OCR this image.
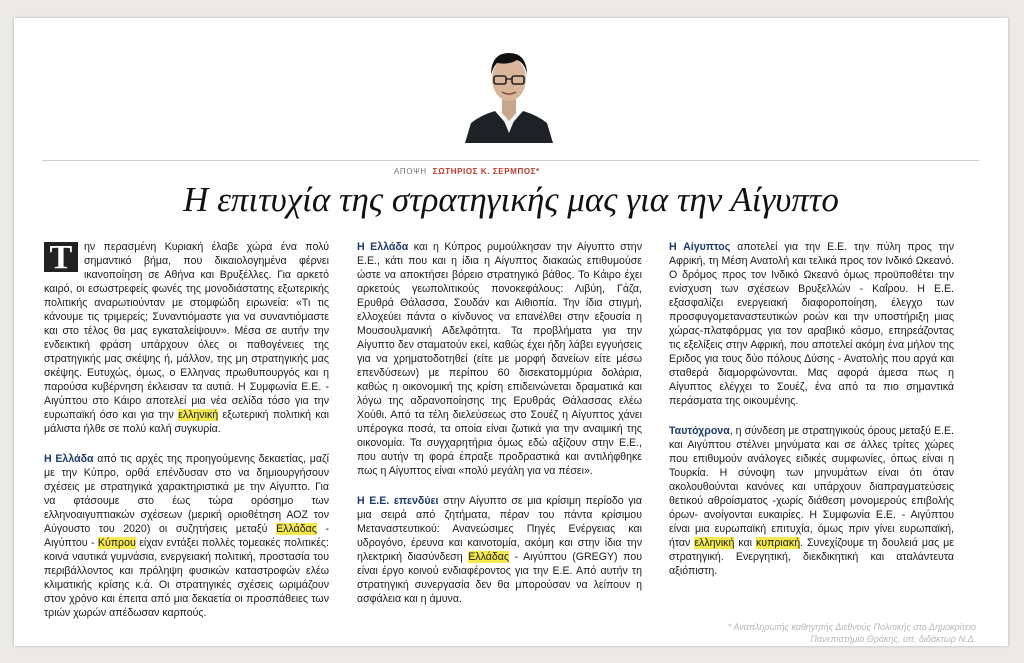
ΑΠΟΨΗ ΣΩΤΗΡΙΟΣ Κ. ΣΕΡΜΠΟΣ*
Η επιτυχία της στρατηγικής μας για την Αίγυπτο

Τ	ην περασμένη Κυριακή έλαβε χώρα ένα πολύ σημαντικό βήμα, που δικαιολογημένα φέρνει ικανοποίηση σε Αθήνα και Βρυξέλλες. Για αρκετό καιρό, οι εσωστρεφείς φωνές της μονοδιάστατης εξωτερικής πολιτικής αναρωτιούνταν με στομφώδη ειρωνεία: «Τι τις κάνουμε τις τριμερείς; Συναντιόμαστε για να συναντιόμαστε και στο τέλος θα μας εγκαταλείψουν». Μέσα σε αυτήν την ενδεικτική φράση υπάρχουν όλες οι παθογένειες της στρατηγικής μας σκέψης ή, μάλλον, της μη στρατηγικής μας σκέψης. Ευτυχώς, όμως, ο Ελληνας πρωθυπουργός και η παρούσα κυβέρνηση έκλεισαν τα αυτιά. Η Συμφωνία Ε.Ε. - Αιγύπτου στο Κάιρο αποτελεί μια νέα σελίδα τόσο για την ευρωπαϊκή όσο και για την ελληνική εξωτερική πολιτική και μάλιστα ήλθε σε πολύ καλή συγκυρία.

Η Ελλάδα από τις αρχές της προηγούμενης δεκαετίας, μαζί με την Κύπρο, ορθά επένδυσαν στο να δημιουργήσουν σχέσεις με στρατηγικά χαρακτηριστικά με την Αίγυπτο. Για να φτάσουμε στο έως τώρα ορόσημο των ελληνοαιγυπτιακών σχέσεων (μερική οριοθέτηση ΑΟΖ τον Αύγουστο του 2020) οι συζητήσεις μεταξύ Ελλάδας - Αιγύπτου - Κύπρου είχαν εντάξει πολλές τομεακές πολιτικές: κοινά ναυτικά γυμνάσια, ενεργειακή πολιτική, προστασία του περιβάλλοντος και πρόληψη φυσικών καταστροφών ελέω κλιματικής κρίσης κ.ά. Οι στρατηγικές σχέσεις ωριμάζουν στον χρόνο και έπειτα από μια δεκαετία οι προσπάθειες των τριών χωρών απέδωσαν καρπούς.

Η Ελλάδα και η Κύπρος ρυμούλκησαν την Αίγυπτο στην Ε.Ε., κάτι που και η ίδια η Αίγυπτος διακαώς επιθυμούσε ώστε να αποκτήσει βόρειο στρατηγικό βάθος. Το Κάιρο έχει αρκετούς γεωπολιτικούς πονοκεφάλους: Λιβύη, Γάζα, Ερυθρά Θάλασσα, Σουδάν και Αιθιοπία. Την ίδια στιγμή, ελλοχεύει πάντα ο κίνδυνος να επανέλθει στην εξουσία η Μουσουλμανική Αδελφότητα. Τα προβλήματα για την Αίγυπτο δεν σταματούν εκεί, καθώς έχει ήδη λάβει εγγυήσεις για να χρηματοδοτηθεί (είτε με μορφή δανείων είτε μέσω επενδύσεων) με περίπου 60 δισεκατομμύρια δολάρια, καθώς η οικονομική της κρίση επιδεινώνεται δραματικά και λόγω της αδρανοποίησης της Ερυθράς Θάλασσας ελέω Χούθι. Από τα τέλη διελεύσεως στο Σουέζ η Αίγυπτος χάνει υπέρογκα ποσά, τα οποία είναι ζωτικά για την αναιμική της οικονομία. Τα συγχαρητήρια όμως εδώ αξίζουν στην Ε.Ε., που αυτήν τη φορά έπραξε προδραστικά και αντιλήφθηκε πως η Αίγυπτος είναι «πολύ μεγάλη για να πέσει».

Η Ε.Ε. επενδύει στην Αίγυπτο σε μια κρίσιμη περίοδο για μια σειρά από ζητήματα, πέραν του πάντα κρίσιμου Μεταναστευτικού: Ανανεώσιμες Πηγές Ενέργειας και υδρογόνο, έρευνα και καινοτομία, ακόμη και στην ίδια την ηλεκτρική διασύνδεση Ελλάδας - Αιγύπτου (GREGY) που είναι έργο κοινού ενδιαφέροντος για την Ε.Ε. Από αυτήν τη στρατηγική συνεργασία δεν θα μπορούσαν να λείπουν η ασφάλεια και η άμυνα.

Η Αίγυπτος αποτελεί για την Ε.Ε. την πύλη προς την Αφρική, τη Μέση Ανατολή και τελικά προς τον Ινδικό Ωκεανό. Ο δρόμος προς τον Ινδικό Ωκεανό όμως προϋποθέτει την ενίσχυση των σχέσεων Βρυξελλών - Καΐρου. Η Ε.Ε. εξασφαλίζει ενεργειακή διαφοροποίηση, έλεγχο των προσφυγομεταναστευτικών ροών και την υποστήριξη μιας χώρας-πλατφόρμας για τον αραβικό κόσμο, επηρεάζοντας τις εξελίξεις στην Αφρική, που αποτελεί ακόμη ένα μήλον της Εριδος για τους δύο πόλους Δύσης - Ανατολής που αργά και σταθερά διαμορφώνονται. Μας αφορά άμεσα πως η Αίγυπτος ελέγχει το Σουέζ, ένα από τα πιο σημαντικά περάσματα της οικουμένης.

Ταυτόχρονα, η σύνδεση με στρατηγικούς όρους μεταξύ Ε.Ε. και Αιγύπτου στέλνει μηνύματα και σε άλλες τρίτες χώρες που επιθυμούν ανάλογες ειδικές συμφωνίες, όπως είναι η Τουρκία. Η σύνοψη των μηνυμάτων είναι ότι όταν ακολουθούνται κανόνες και υπάρχουν διαπραγματεύσεις θετικού αθροίσματος -χωρίς διάθεση μονομερούς επιβολής όρων- ανοίγονται ευκαιρίες. Η Συμφωνία Ε.Ε. - Αιγύπτου είναι μια ευρωπαϊκή επιτυχία, όμως πριν γίνει ευρωπαϊκή, ήταν ελληνική και κυπριακή. Συνεχίζουμε τη δουλειά μας με στρατηγική. Ενεργητική, διεκδικητική και αταλάντευτα αξιόπιστη.

* Αναπληρωτής καθηγητής Διεθνούς Πολιτικής στο Δημοκρίτειο Πανεπιστήμιο Θράκης, υπ. διδάκτωρ Ν.Δ.
